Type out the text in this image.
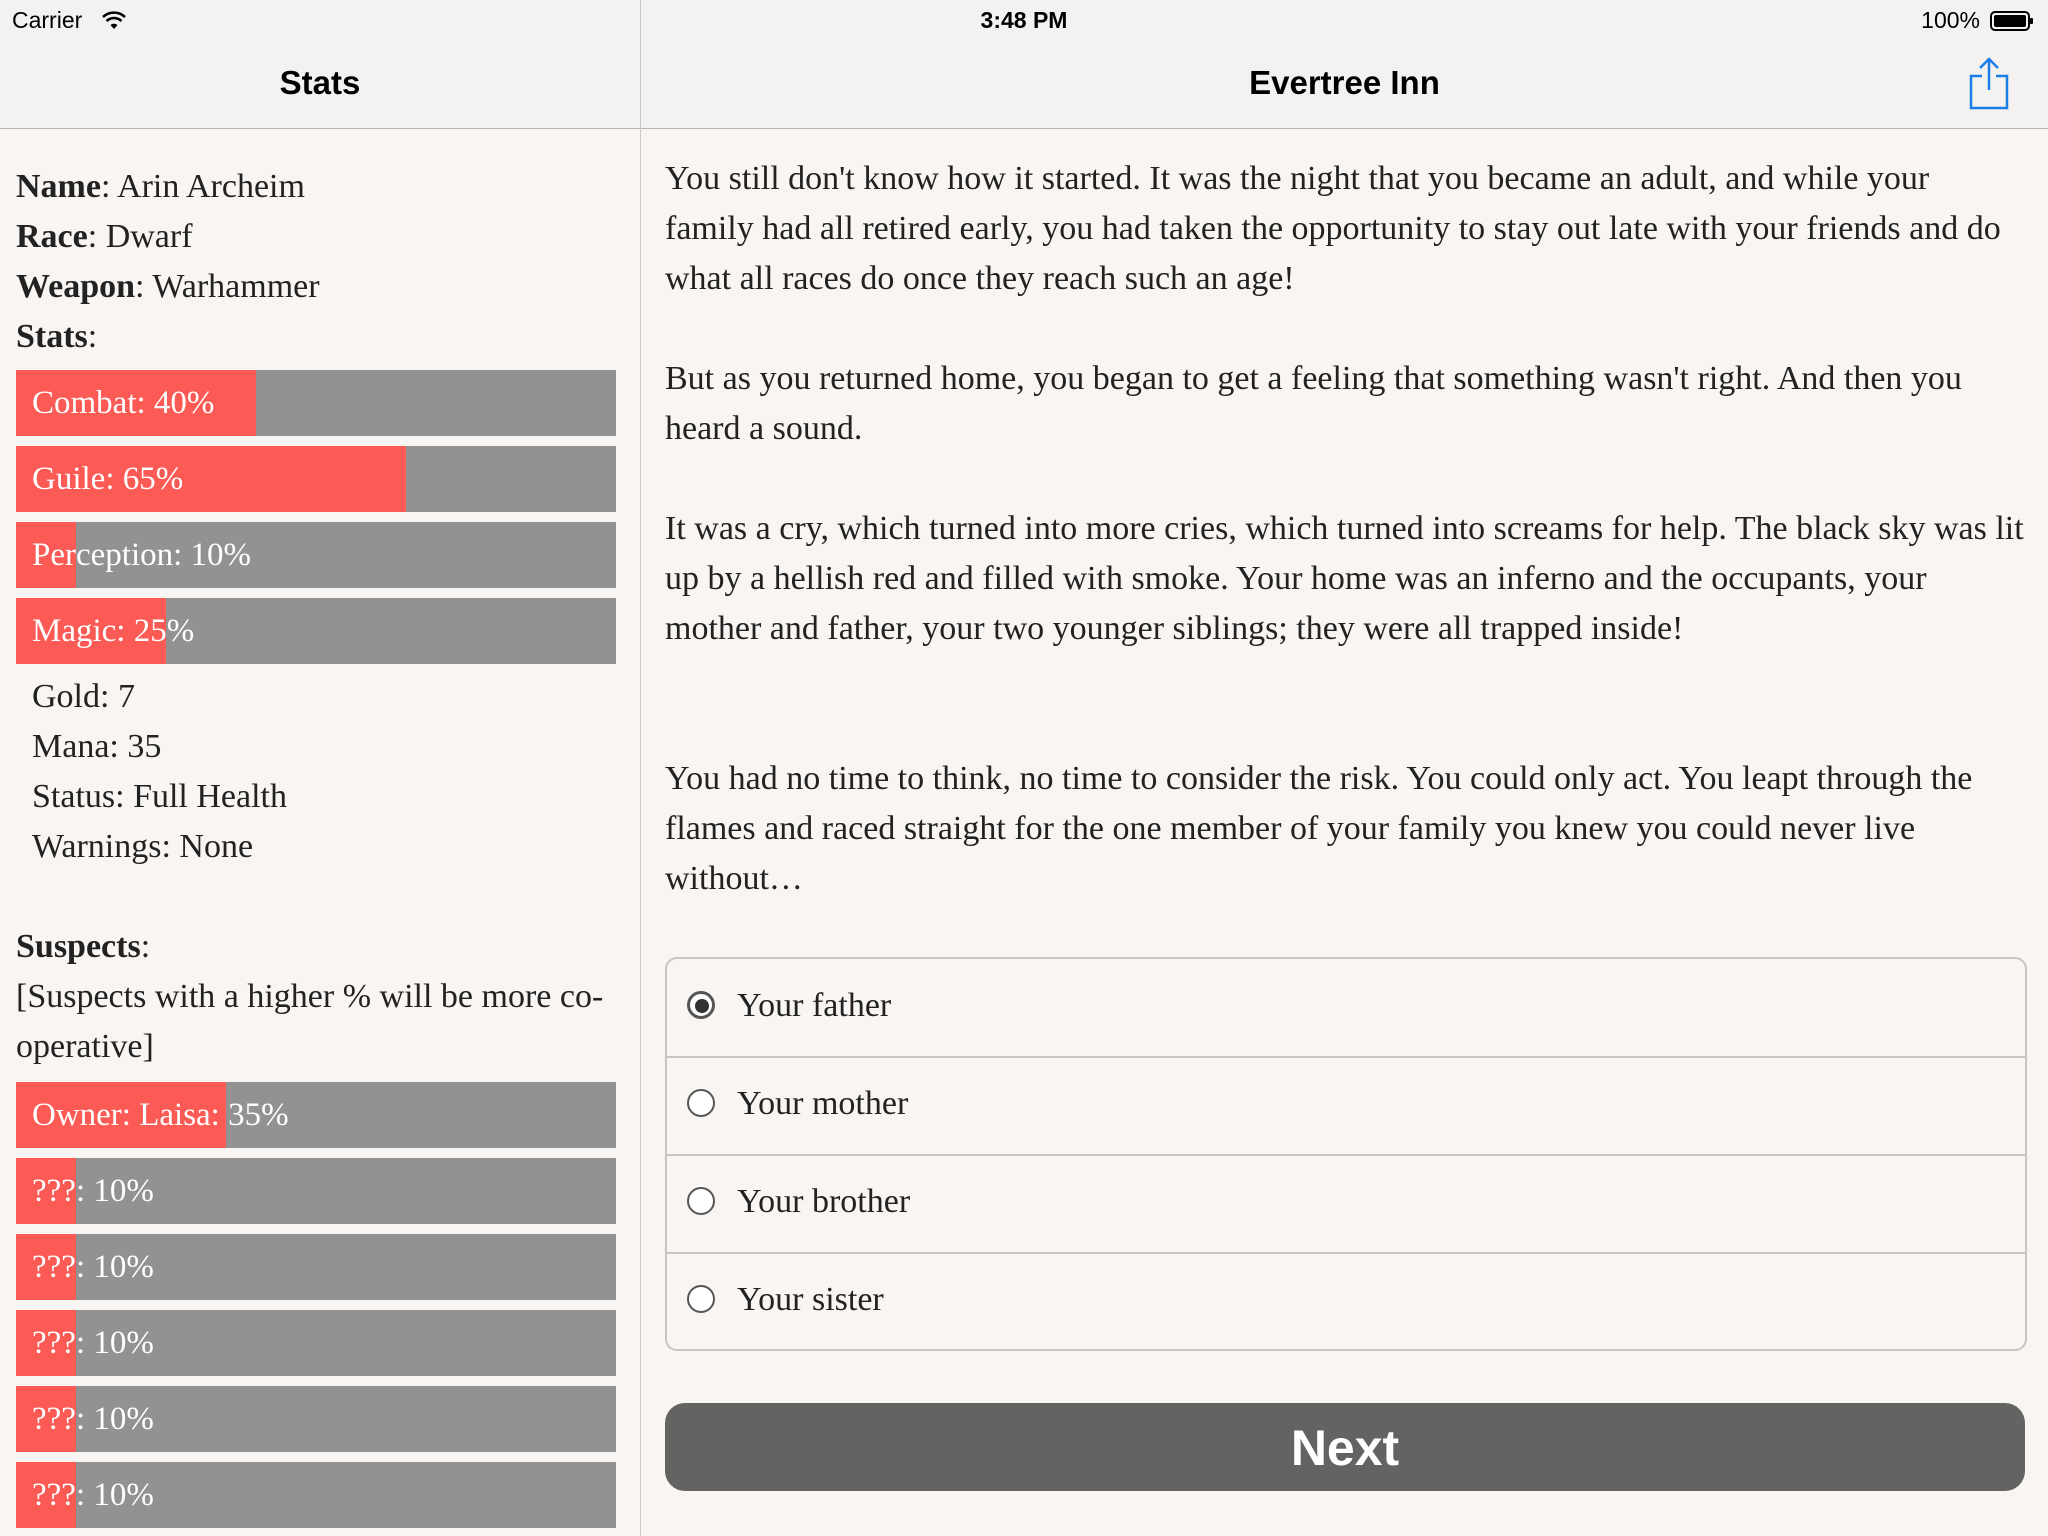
Carrier	3:48 PM	100%
Stats	Evertree Inn
Name: Arin Archeim
Race: Dwarf
Weapon: Warhammer
Stats:
Combat: 40%
Guile: 65%
Perception: 10%
Magic: 25%
Gold: 7
Mana: 35
Status: Full Health
Warnings: None
Suspects:
[Suspects with a higher % will be more co-operative]
Owner: Laisa: 35%
???: 10%
???: 10%
???: 10%
???: 10%
???: 10%

You still don't know how it started. It was the night that you became an adult, and while your family had all retired early, you had taken the opportunity to stay out late with your friends and do what all races do once they reach such an age!

But as you returned home, you began to get a feeling that something wasn't right. And then you heard a sound.

It was a cry, which turned into more cries, which turned into screams for help. The black sky was lit up by a hellish red and filled with smoke. Your home was an inferno and the occupants, your mother and father, your two younger siblings; they were all trapped inside!

You had no time to think, no time to consider the risk. You could only act. You leapt through the flames and raced straight for the one member of your family you knew you could never live without…

Your father
Your mother
Your brother
Your sister
Next
